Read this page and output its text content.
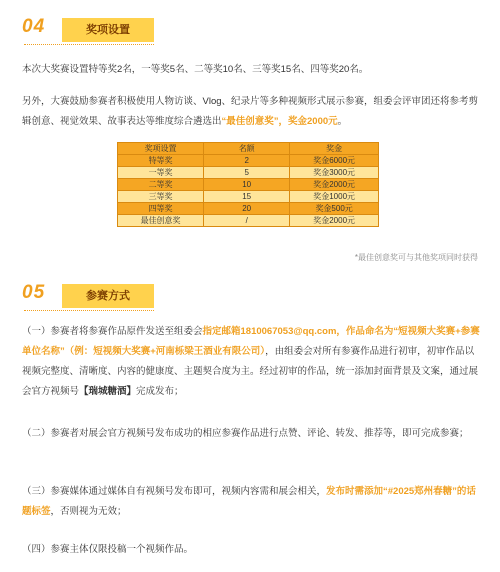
04	奖项设置

本次大奖赛设置特等奖2名，一等奖5名、二等奖10名、三等奖15名、四等奖20名。

另外，大赛鼓励参赛者积极使用人物访谈、Vlog、纪录片等多种视频形式展示参赛，组委会评审团还将参考剪辑创意、视觉效果、故事表达等维度综合遴选出“最佳创意奖”，奖金2000元。

奖项设置	名额	奖金
特等奖	2	奖金6000元
一等奖	5	奖金3000元
二等奖	10	奖金2000元
三等奖	15	奖金1000元
四等奖	20	奖金500元
最佳创意奖	/	奖金2000元
*最佳创意奖可与其他奖项同时获得
05	参赛方式

（一）参赛者将参赛作品原件发送至组委会指定邮箱1810067053@qq.com，作品命名为“短视频大奖赛+参赛单位名称”（例：短视频大奖赛+河南栎梁王酒业有限公司），由组委会对所有参赛作品进行初审，初审作品以视频完整度、清晰度、内容的健康度、主题契合度为主。经过初审的作品，统一添加封面背景及文案，通过展会官方视频号【瑞城糖酒】完成发布；

（二）参赛者对展会官方视频号发布成功的相应参赛作品进行点赞、评论、转发、推荐等，即可完成参赛；

（三）参赛媒体通过媒体自有视频号发布即可，视频内容需和展会相关，发布时需添加“#2025郑州春糖”的话题标签，否则视为无效；

（四）参赛主体仅限投稿一个视频作品。
